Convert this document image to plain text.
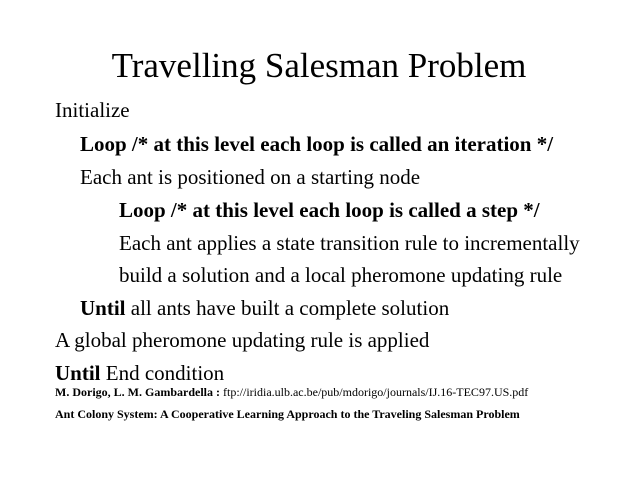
Travelling Salesman Problem
Initialize
Loop /* at this level each loop is called an iteration */
Each ant is positioned on a starting node
Loop /* at this level each loop is called a step */
Each ant applies a state transition rule to incrementally
build a solution and a local pheromone updating rule
Until all ants have built a complete solution
A global pheromone updating rule is applied
Until End condition
M. Dorigo, L. M. Gambardella : ftp://iridia.ulb.ac.be/pub/mdorigo/journals/IJ.16-TEC97.US.pdf
Ant Colony System: A Cooperative Learning Approach to the Traveling Salesman Problem
